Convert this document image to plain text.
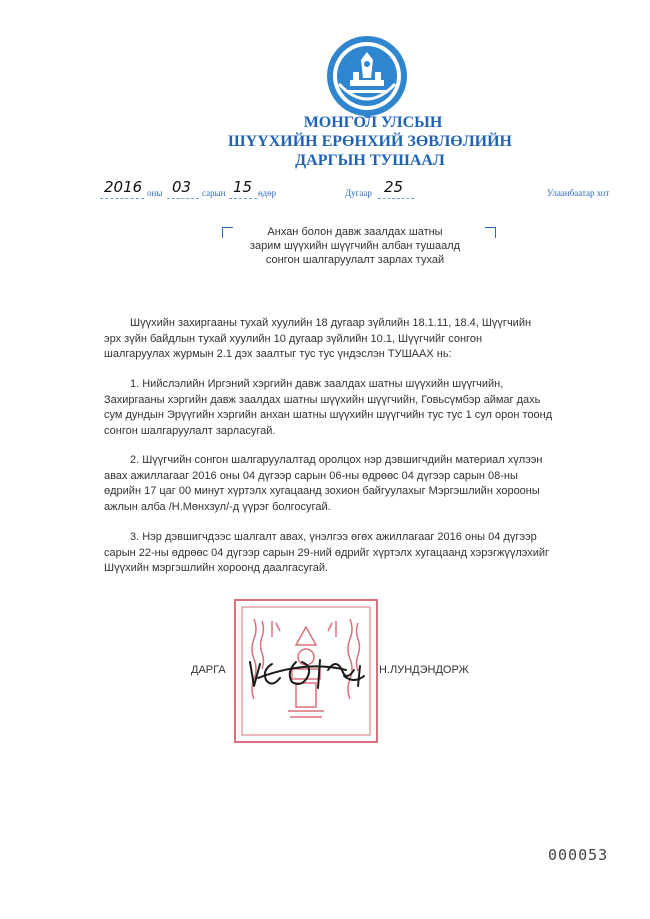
МОНГОЛ УЛСЫН
ШҮҮХИЙН ЕРӨНХИЙ ЗӨВЛӨЛИЙН
ДАРГЫН ТУШААЛ
2016 оны 03 сарын 15 өдөр	Дугаар 25	Улаанбаатар хот
Анхан болон давж заалдах шатны
зарим шүүхийн шүүгчийн албан тушаалд
сонгон шалгаруулалт зарлах тухай
Шүүхийн захиргааны тухай хуулийн 18 дугаар зүйлийн 18.1.11, 18.4, Шүүгчийн
эрх зүйн байдлын тухай хуулийн 10 дугаар зүйлийн 10.1, Шүүгчийг сонгон
шалгаруулах журмын 2.1 дэх заалтыг тус тус үндэслэн ТУШААХ нь:
1. Нийслэлийн Иргэний хэргийн давж заалдах шатны шүүхийн шүүгчийн,
Захиргааны хэргийн давж заалдах шатны шүүхийн шүүгчийн, Говьсүмбэр аймаг дахь
сум дундын Эрүүгийн хэргийн анхан шатны шүүхийн шүүгчийн тус тус 1 сул орон тоонд
сонгон шалгаруулалт зарласугай.
2. Шүүгчийн сонгон шалгаруулалтад оролцох нэр дэвшигчдийн материал хүлээн
авах ажиллагааг 2016 оны 04 дүгээр сарын 06-ны өдрөөс 04 дүгээр сарын 08-ны
өдрийн 17 цаг 00 минут хүртэлх хугацаанд зохион байгуулахыг Мэргэшлийн хорооны
ажлын алба /Н.Мөнхзул/-д үүрэг болгосугай.
3. Нэр дэвшигчдээс шалгалт авах, үнэлгээ өгөх ажиллагааг 2016 оны 04 дүгээр
сарын 22-ны өдрөөс 04 дүгээр сарын 29-ний өдрийг хүртэлх хугацаанд хэрэгжүүлэхийг
Шүүхийн мэргэшлийн хороонд даалгасугай.
ДАРГА	Н.ЛУНДЭНДОРЖ
000053
